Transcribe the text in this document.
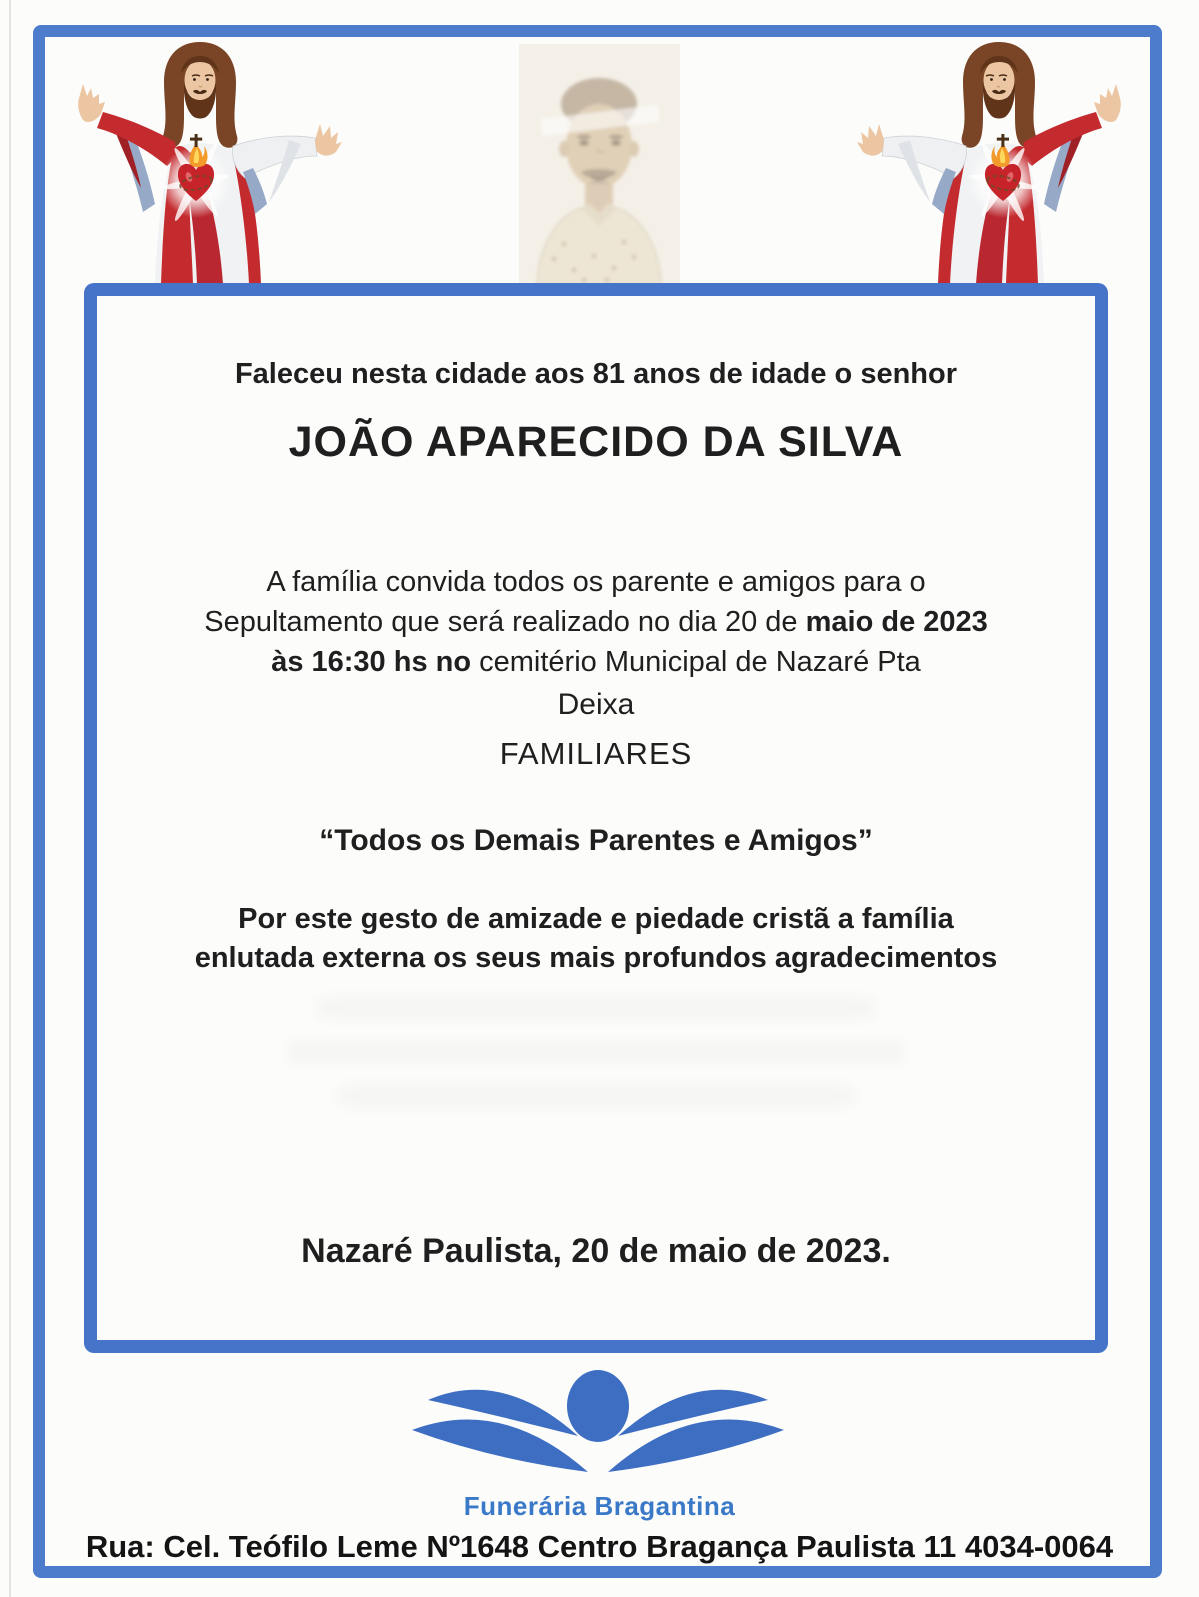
Faleceu nesta cidade aos 81 anos de idade o senhor
JOÃO APARECIDO DA SILVA
A família convida todos os parente e amigos para o
Sepultamento que será realizado no dia 20 de maio de 2023
às 16:30 hs no cemitério Municipal de Nazaré Pta
Deixa
FAMILIARES
“Todos os Demais Parentes e Amigos”
Por este gesto de amizade e piedade cristã a família
enlutada externa os seus mais profundos agradecimentos
Nazaré Paulista, 20 de maio de 2023.
Funerária Bragantina
Rua: Cel. Teófilo Leme Nº1648 Centro Bragança Paulista 11 4034-0064
